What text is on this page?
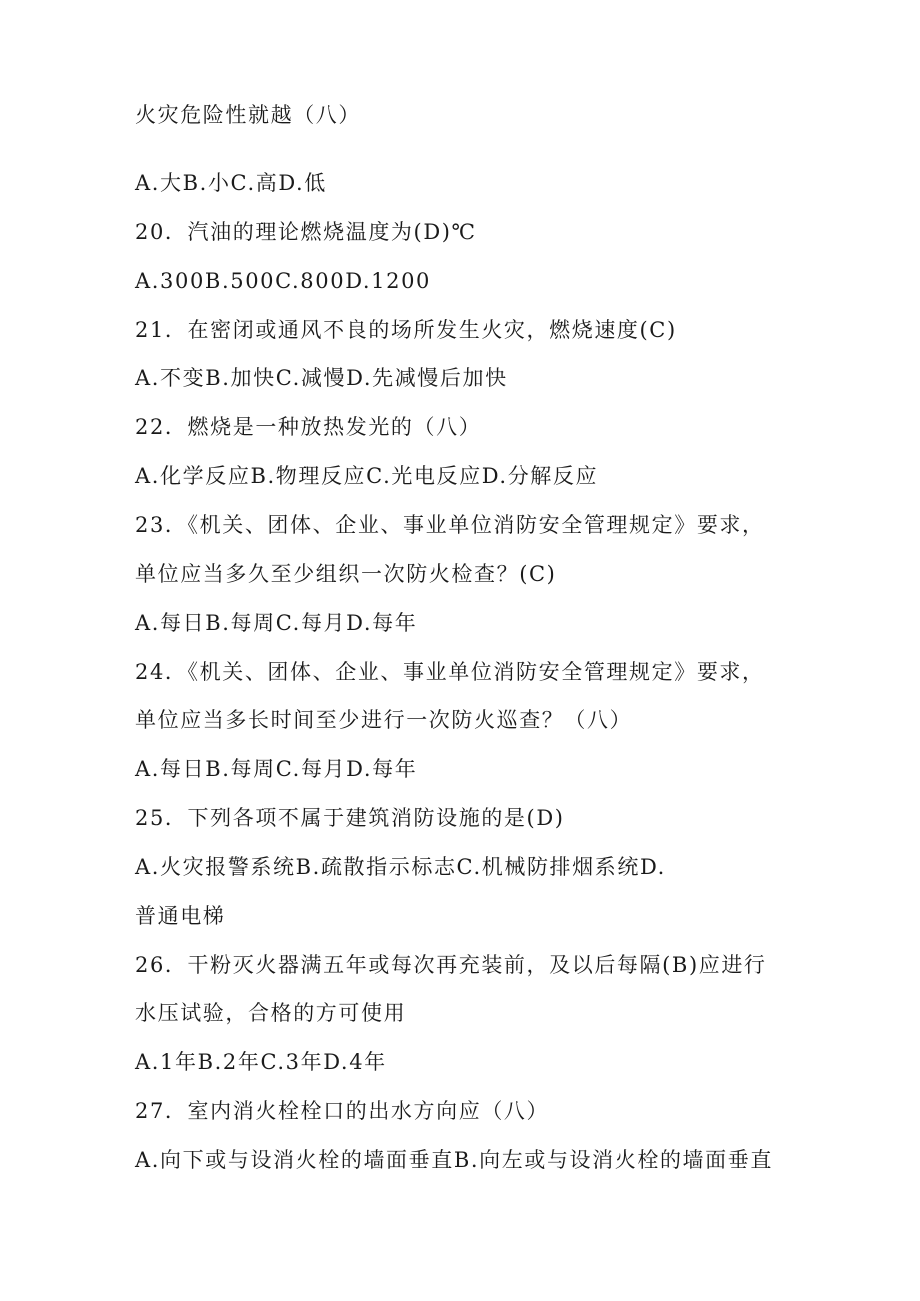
火灾危险性就越（八）
A.大B.小C.高D.低
20．汽油的理论燃烧温度为(D)℃
A.300B.500C.800D.1200
21．在密闭或通风不良的场所发生火灾，燃烧速度(C)
A.不变B.加快C.减慢D.先减慢后加快
22．燃烧是一种放热发光的（八）
A.化学反应B.物理反应C.光电反应D.分解反应
23．《机关、团体、企业、事业单位消防安全管理规定》要求，
单位应当多久至少组织一次防火检查？(C)
A.每日B.每周C.每月D.每年
24．《机关、团体、企业、事业单位消防安全管理规定》要求，
单位应当多长时间至少进行一次防火巡查？（八）
A.每日B.每周C.每月D.每年
25．下列各项不属于建筑消防设施的是(D)
A.火灾报警系统B.疏散指示标志C.机械防排烟系统D.
普通电梯
26．干粉灭火器满五年或每次再充装前，及以后每隔(B)应进行
水压试验，合格的方可使用
A.1年B.2年C.3年D.4年
27．室内消火栓栓口的出水方向应（八）
A.向下或与设消火栓的墙面垂直B.向左或与设消火栓的墙面垂直
